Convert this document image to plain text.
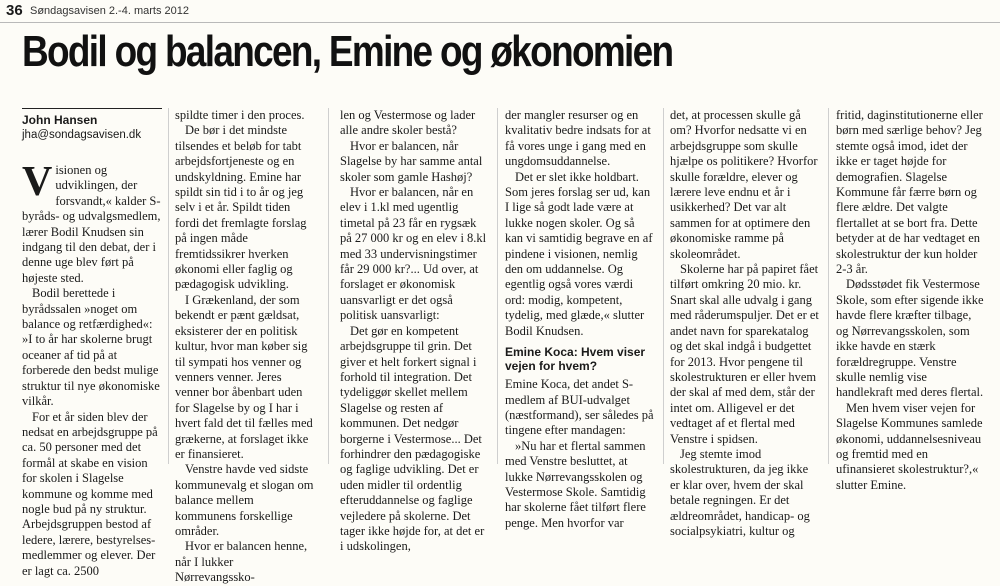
36 Søndagsavisen 2.-4. marts 2012
Bodil og balancen, Emine og økonomien
John Hansen
jha@sondagsavisen.dk

Visionen og udviklingen, der forsvandt,« kalder S-byråds- og udvalgsmedlem, lærer Bodil Knudsen sin indgang til den debat, der i denne uge blev ført på højeste sted.

Bodil berettede i byrådssalen »noget om balance og retfærdighed«: »I to år har skolerne brugt oceaner af tid på at forberede den bedst mulige struktur til nye økonomiske vilkår.

For et år siden blev der nedsat en arbejdsgruppe på ca. 50 personer med det formål at skabe en vision for skolen i Slagelse kommune og komme med nogle bud på ny struktur. Arbejdsgruppen bestod af ledere, lærere, bestyrelses-medlemmer og elever. Der er lagt ca. 2500

spildte timer i den proces.

De bør i det mindste tilsendes et beløb for tabt arbejdsfortjeneste og en undskyldning. Emine har spildt sin tid i to år og jeg selv i et år. Spildt tiden fordi det fremlagte forslag på ingen måde fremtidssikrer hverken økonomi eller faglig og pædagogisk udvikling.

I Grækenland, der som bekendt er pænt gældsat, eksisterer der en politisk kultur, hvor man køber sig til sympati hos venner og venners venner. Jeres venner bor åbenbart uden for Slagelse by og I har i hvert fald det til fælles med grækerne, at forslaget ikke er finansieret.

Venstre havde ved sidste kommunevalg et slogan om balance mellem kommunens forskellige områder.

Hvor er balancen henne, når I lukker Nørrevangssko-

len og Vestermose og lader alle andre skoler bestå?

Hvor er balancen, når Slagelse by har samme antal skoler som gamle Hashøj?

Hvor er balancen, når en elev i 1.kl med ugentlig timetal på 23 får en rygsæk på 27 000 kr og en elev i 8.kl med 33 undervisningstimer får 29 000 kr?... Ud over, at forslaget er økonomisk uansvarligt er det også politisk uansvarligt:

Det gør en kompetent arbejdsgruppe til grin. Det giver et helt forkert signal i forhold til integration. Det tydeliggør skellet mellem Slagelse og resten af kommunen. Det nedgør borgerne i Vestermose... Det forhindrer den pædagogiske og faglige udvikling. Det er uden midler til ordentlig efteruddannelse og faglige vejledere på skolerne. Det tager ikke højde for, at det er i udskolingen,

der mangler resurser og en kvalitativ bedre indsats for at få vores unge i gang med en ungdomsuddannelse.

Det er slet ikke holdbart. Som jeres forslag ser ud, kan I lige så godt lade være at lukke nogen skoler. Og så kan vi samtidig begrave en af pindene i visionen, nemlig den om uddannelse. Og egentlig også vores værdi ord: modig, kompetent, tydelig, med glæde,« slutter Bodil Knudsen.

Emine Koca: Hvem viser vejen for hvem?

Emine Koca, det andet S-medlem af BUI-udvalget (næstformand), ser således på tingene efter mandagen:

»Nu har et flertal sammen med Venstre besluttet, at lukke Nørrevangsskolen og Vestermose Skole. Samtidig har skolerne fået tilført flere penge. Men hvorfor var

det, at processen skulle gå om? Hvorfor nedsatte vi en arbejdsgruppe som skulle hjælpe os politikere? Hvorfor skulle forældre, elever og lærere leve endnu et år i usikkerhed? Det var alt sammen for at optimere den økonomiske ramme på skoleområdet.

Skolerne har på papiret fået tilført omkring 20 mio. kr. Snart skal alle udvalg i gang med råderumspuljer. Det er et andet navn for sparekatalog og det skal indgå i budgettet for 2013. Hvor pengene til skolestrukturen er eller hvem der skal af med dem, står der intet om. Alligevel er det vedtaget af et flertal med Venstre i spidsen.

Jeg stemte imod skolestrukturen, da jeg ikke er klar over, hvem der skal betale regningen. Er det ældreområdet, handicap- og socialpsykiatri, kultur og

fritid, daginstitutionerne eller børn med særlige behov? Jeg stemte også imod, idet der ikke er taget højde for demografien. Slagelse Kommune får færre børn og flere ældre. Det valgte flertallet at se bort fra. Dette betyder at de har vedtaget en skolestruktur der kun holder 2-3 år.

Dødsstødet fik Vestermose Skole, som efter sigende ikke havde flere kræfter tilbage, og Nørrevangsskolen, som ikke havde en stærk forældregruppe. Venstre skulle nemlig vise handlekraft med deres flertal.

Men hvem viser vejen for Slagelse Kommunes samlede økonomi, uddannelsesniveau og fremtid med en ufinansieret skolestruktur?,« slutter Emine.
